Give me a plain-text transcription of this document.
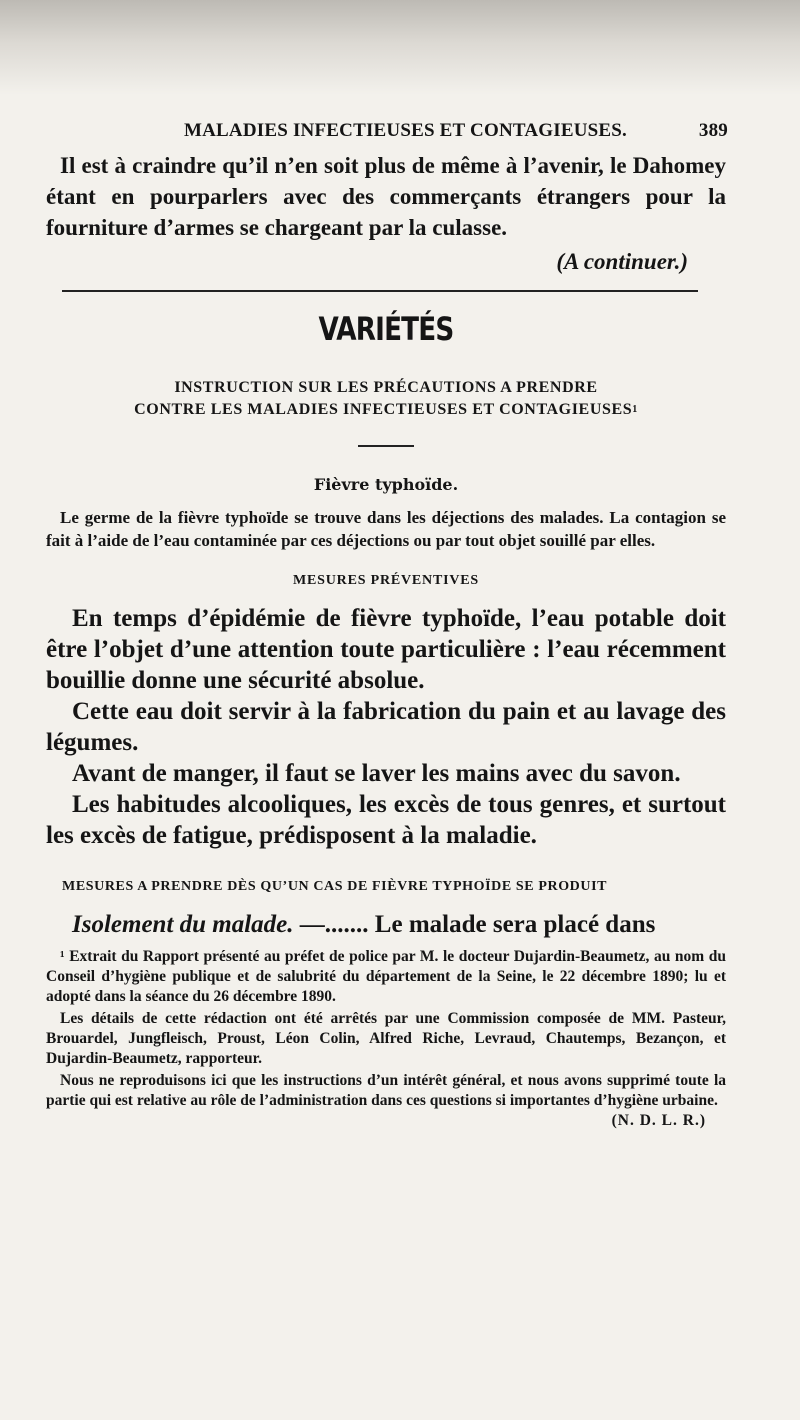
MALADIES INFECTIEUSES ET CONTAGIEUSES.	389

Il est à craindre qu’il n’en soit plus de même à l’avenir, le Dahomey étant en pourparlers avec des commerçants étrangers pour la fourniture d’armes se chargeant par la culasse.

(A continuer.)
VARIÉTÉS
INSTRUCTION SUR LES PRÉCAUTIONS A PRENDRE
CONTRE LES MALADIES INFECTIEUSES ET CONTAGIEUSES$^1$
Fièvre typhoïde.

Le germe de la fièvre typhoïde se trouve dans les déjections des malades. La contagion se fait à l’aide de l’eau contaminée par ces déjections ou par tout objet souillé par elles.

MESURES PRÉVENTIVES

En temps d’épidémie de fièvre typhoïde, l’eau potable doit être l’objet d’une attention toute particulière : l’eau récemment bouillie donne une sécurité absolue.

Cette eau doit servir à la fabrication du pain et au lavage des légumes.

Avant de manger, il faut se laver les mains avec du savon.

Les habitudes alcooliques, les excès de tous genres, et surtout les excès de fatigue, prédisposent à la maladie.

MESURES A PRENDRE DÈS QU’UN CAS DE FIÈVRE TYPHOÏDE SE PRODUIT
Isolement du malade. —....... Le malade sera placé dans

¹ Extrait du Rapport présenté au préfet de police par M. le docteur Dujardin-Beaumetz, au nom du Conseil d’hygiène publique et de salubrité du département de la Seine, le 22 décembre 1890; lu et adopté dans la séance du 26 décembre 1890.

Les détails de cette rédaction ont été arrêtés par une Commission composée de MM. Pasteur, Brouardel, Jungfleisch, Proust, Léon Colin, Alfred Riche, Levraud, Chautemps, Bezançon, et Dujardin-Beaumetz, rapporteur.

Nous ne reproduisons ici que les instructions d’un intérêt général, et nous avons supprimé toute la partie qui est relative au rôle de l’administration dans ces questions si importantes d’hygiène urbaine.
(N. D. L. R.)
